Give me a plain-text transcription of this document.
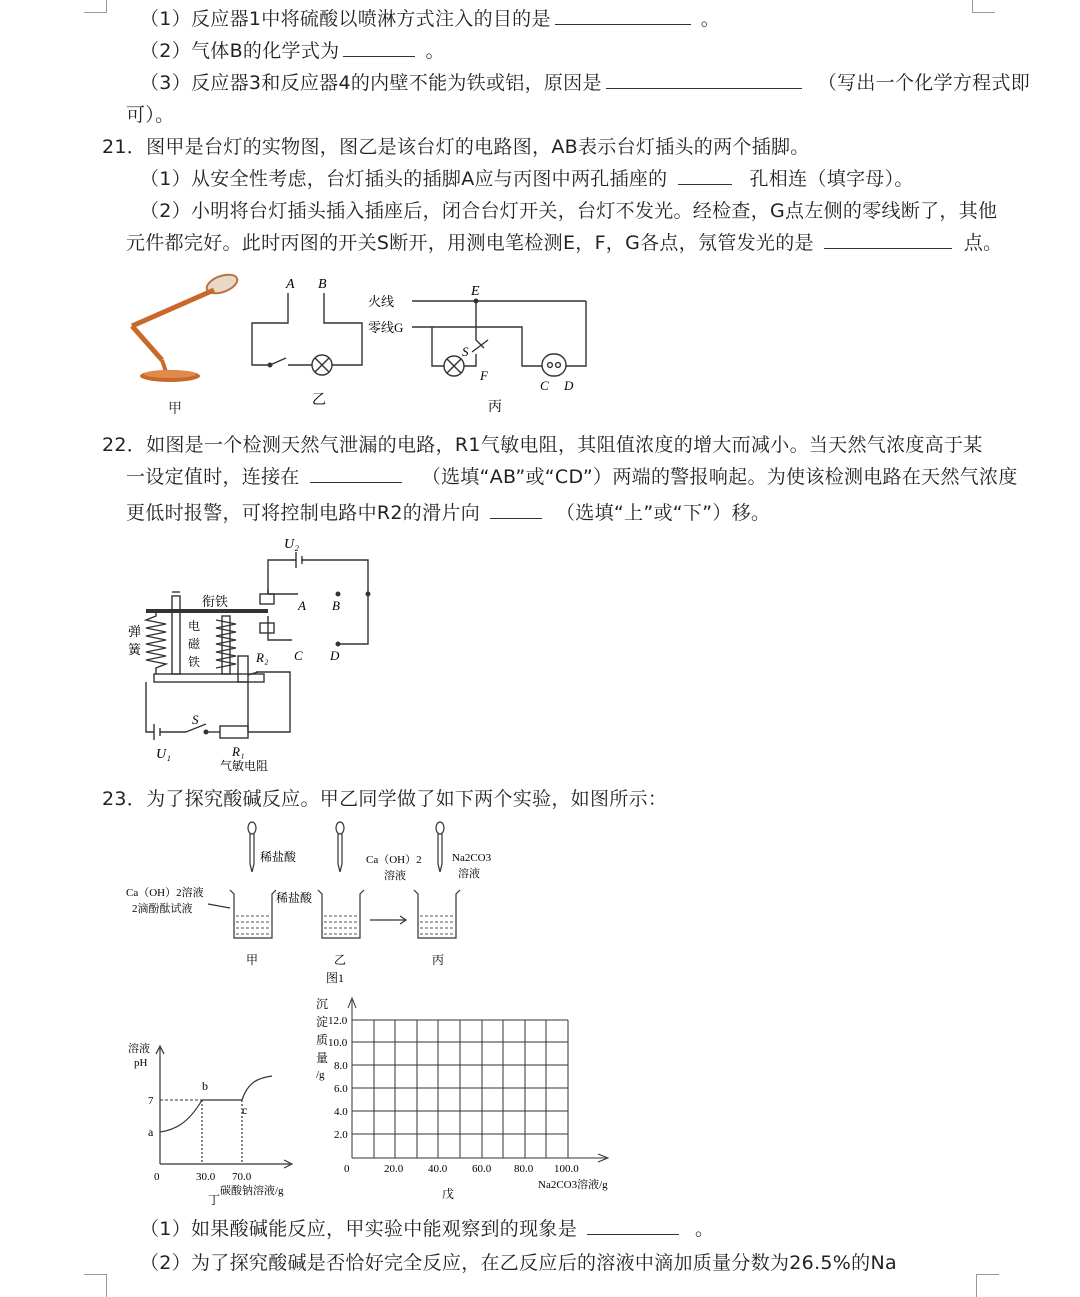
（1）反应器1中将硫酸以喷淋方式注入的目的是	。
（2）气体B的化学式为	。
（3）反应器3和反应器4的内壁不能为铁或铝，原因是	（写出一个化学方程式即
可）。
21．图甲是台灯的实物图，图乙是该台灯的电路图，AB表示台灯插头的两个插脚。
（1）从安全性考虑，台灯插头的插脚A应与丙图中两孔插座的	孔相连（填字母）。
（2）小明将台灯插头插入插座后，闭合台灯开关，台灯不发光。经检查，G点左侧的零线断了，其他
元件都完好。此时丙图的开关S断开，用测电笔检测E，F，G各点，氖管发光的是	点。
甲
A B
乙
火线
零线G
E
S
F
C D
丙
22．如图是一个检测天然气泄漏的电路，R1气敏电阻，其阻值浓度的增大而减小。当天然气浓度高于某
一设定值时，连接在	（选填“AB”或“CD”）两端的警报响起。为使该检测电路在天然气浓度
更低时报警，可将控制电路中R2的滑片向	（选填“上”或“下”）移。
U₂
衔铁	A B
C D
弹
簧
电
磁
铁	R₂
S
U₁	R₁
气敏电阻
23．为了探究酸碱反应。甲乙同学做了如下两个实验，如图所示：
稀盐酸	Ca（OH）2
溶液
Na2CO3
溶液
Ca（OH）2溶液
2滴酚酞试液
稀盐酸
甲	乙	丙
图1
溶液
pH
7
a
b
c
0	30.0 70.0
碳酸钠溶液/g
丁
沉
淀
质
量
/g
12.0
10.0
8.0
6.0
4.0
2.0
0	20.0 40.0 60.0 80.0 100.0
Na2CO3溶液/g
戊
（1）如果酸碱能反应，甲实验中能观察到的现象是	。
（2）为了探究酸碱是否恰好完全反应，在乙反应后的溶液中滴加质量分数为26.5%的Na
